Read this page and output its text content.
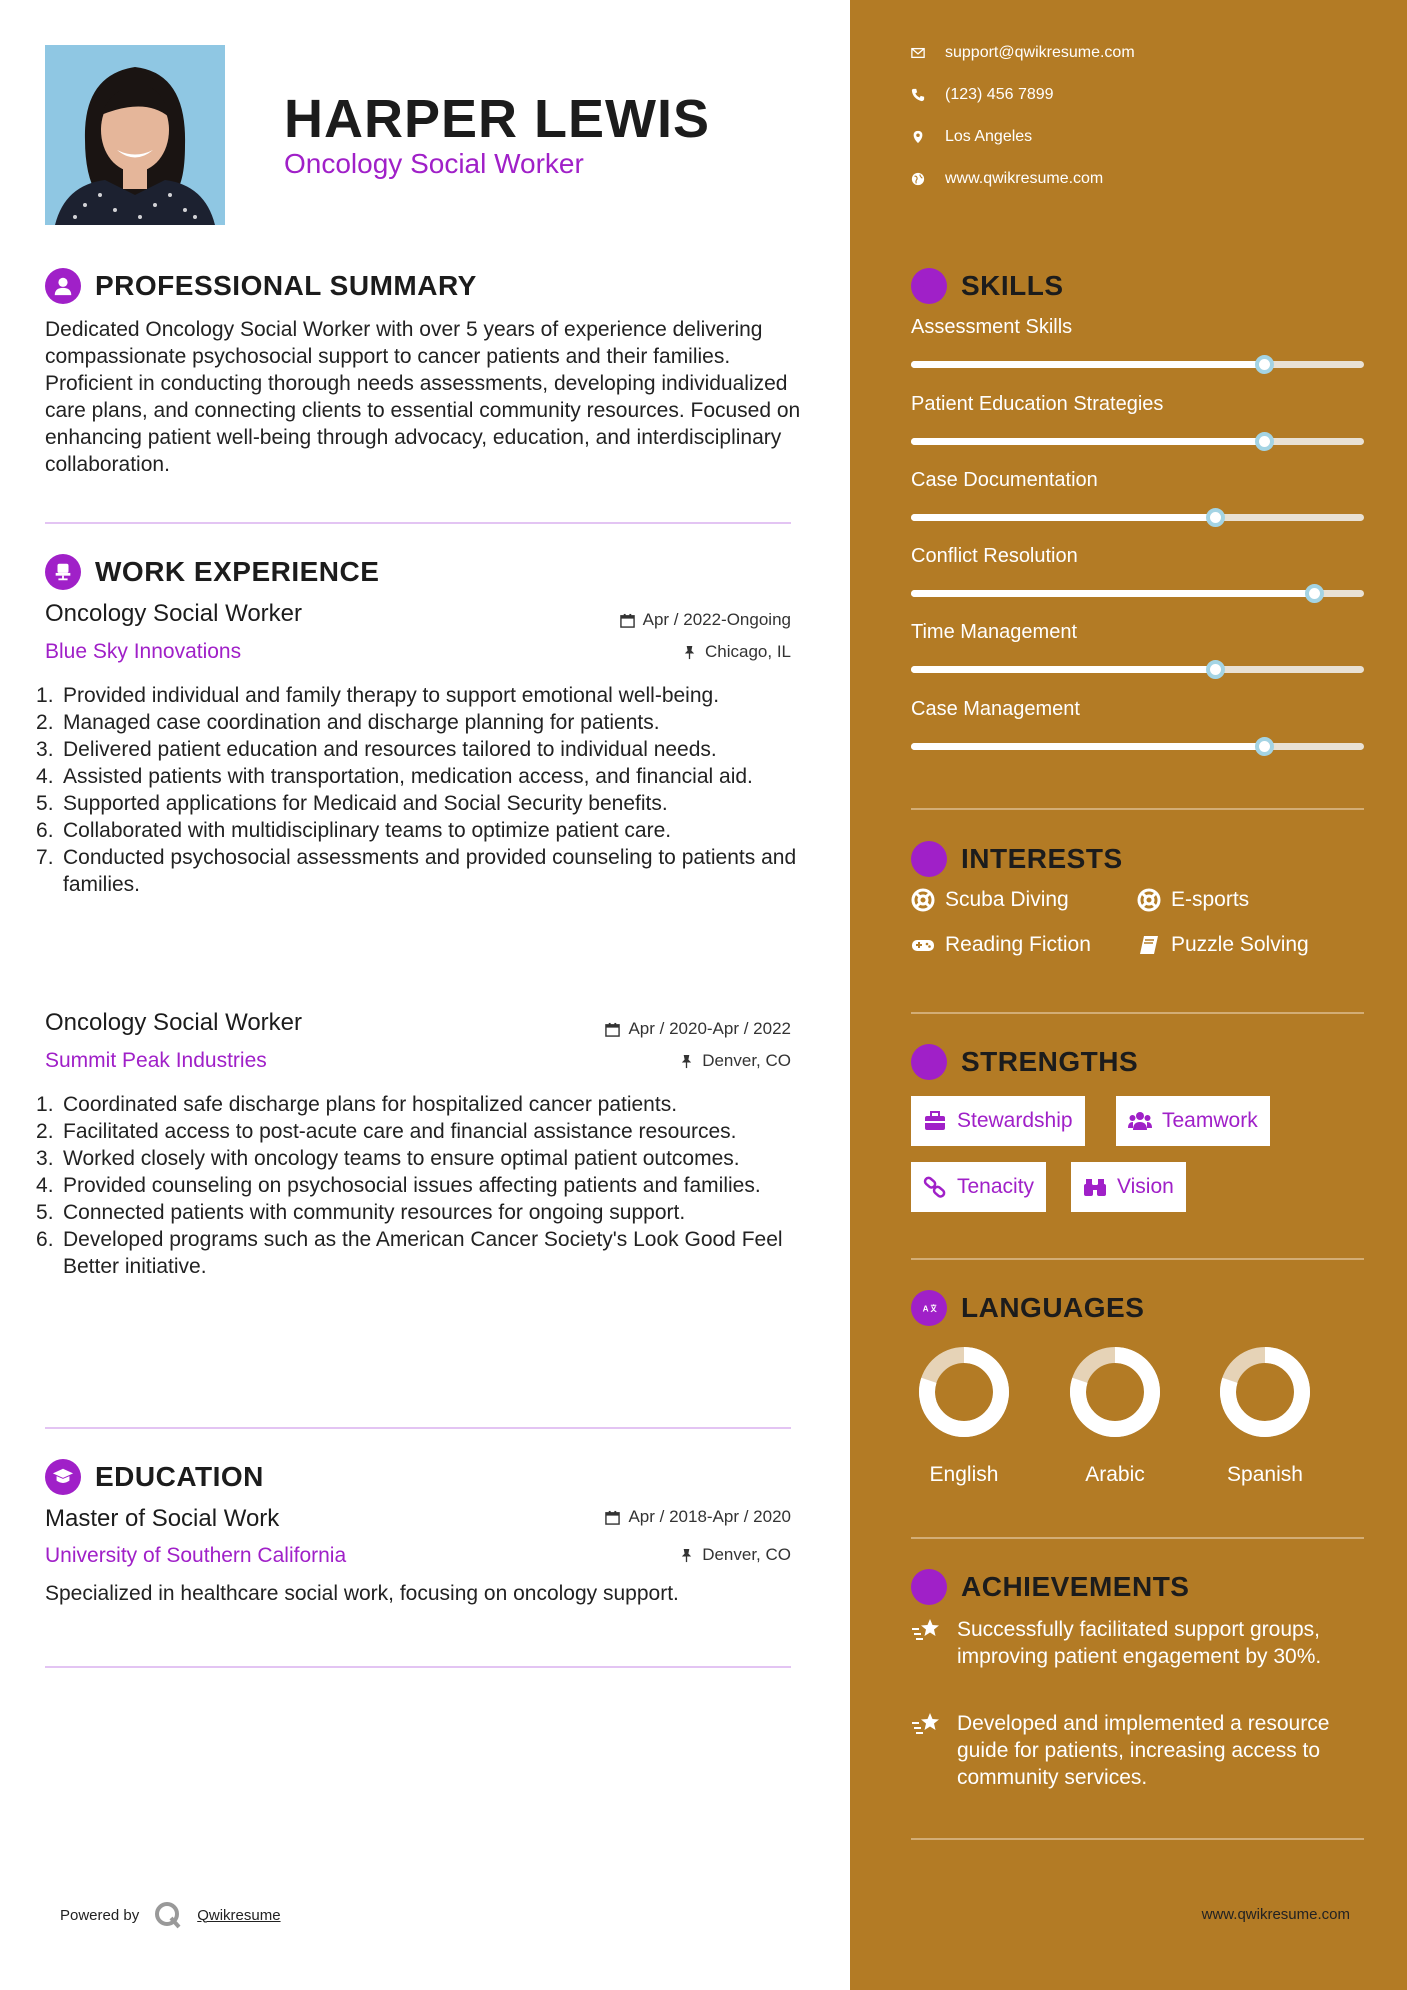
HARPER LEWIS
Oncology Social Worker
PROFESSIONAL SUMMARY
Dedicated Oncology Social Worker with over 5 years of experience delivering compassionate psychosocial support to cancer patients and their families. Proficient in conducting thorough needs assessments, developing individualized care plans, and connecting clients to essential community resources. Focused on enhancing patient well-being through advocacy, education, and interdisciplinary collaboration.
WORK EXPERIENCE
Oncology Social Worker	Apr / 2022-Ongoing
Blue Sky Innovations	Chicago, IL
Provided individual and family therapy to support emotional well-being.
Managed case coordination and discharge planning for patients.
Delivered patient education and resources tailored to individual needs.
Assisted patients with transportation, medication access, and financial aid.
Supported applications for Medicaid and Social Security benefits.
Collaborated with multidisciplinary teams to optimize patient care.
Conducted psychosocial assessments and provided counseling to patients and families.
Oncology Social Worker	Apr / 2020-Apr / 2022
Summit Peak Industries	Denver, CO
Coordinated safe discharge plans for hospitalized cancer patients.
Facilitated access to post-acute care and financial assistance resources.
Worked closely with oncology teams to ensure optimal patient outcomes.
Provided counseling on psychosocial issues affecting patients and families.
Connected patients with community resources for ongoing support.
Developed programs such as the American Cancer Society's Look Good Feel Better initiative.
EDUCATION
Master of Social Work	Apr / 2018-Apr / 2020
University of Southern California	Denver, CO
Specialized in healthcare social work, focusing on oncology support.
Powered by	Qwikresume
support@qwikresume.com
(123) 456 7899
Los Angeles
www.qwikresume.com
SKILLS
Assessment Skills
Patient Education Strategies
Case Documentation
Conflict Resolution
Time Management
Case Management
INTERESTS
Scuba Diving	E-sports
Reading Fiction	Puzzle Solving
STRENGTHS
Stewardship	Teamwork
Tenacity	Vision
A LANGUAGES
English	Arabic	Spanish
ACHIEVEMENTS
Successfully facilitated support groups, improving patient engagement by 30%.
Developed and implemented a resource guide for patients, increasing access to community services.
www.qwikresume.com
